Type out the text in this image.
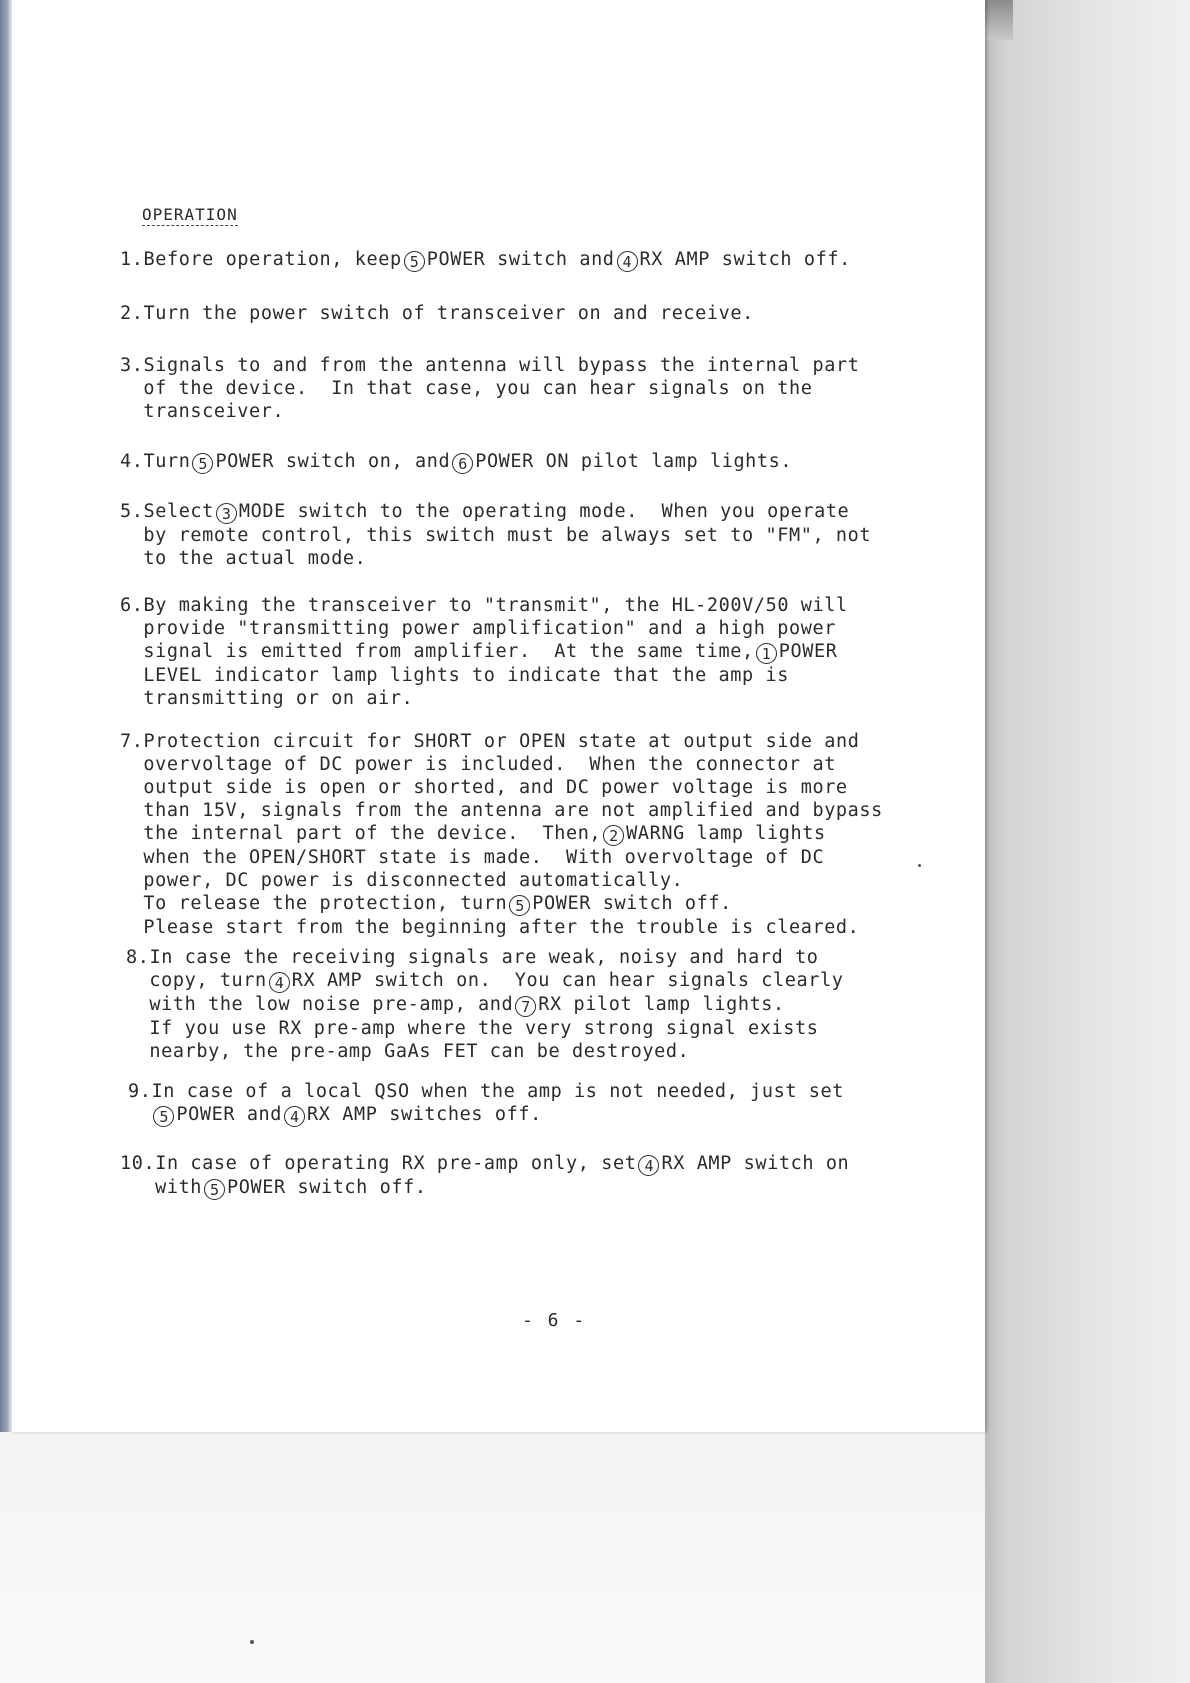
OPERATION
1.Before operation, keep 5 POWER switch and 4 RX AMP switch off.
2.Turn the power switch of transceiver on and receive.
3.Signals to and from the antenna will bypass the internal part
of the device.  In that case, you can hear signals on the
transceiver.
4.Turn 5 POWER switch on, and 6 POWER ON pilot lamp lights.
5.Select 3 MODE switch to the operating mode.  When you operate
by remote control, this switch must be always set to "FM", not
to the actual mode.
6.By making the transceiver to "transmit", the HL-200V/50 will
provide "transmitting power amplification" and a high power
signal is emitted from amplifier.  At the same time, 1 POWER
LEVEL indicator lamp lights to indicate that the amp is
transmitting or on air.
7.Protection circuit for SHORT or OPEN state at output side and
overvoltage of DC power is included.  When the connector at
output side is open or shorted, and DC power voltage is more
than 15V, signals from the antenna are not amplified and bypass
the internal part of the device.  Then, 2 WARNG lamp lights
when the OPEN/SHORT state is made.  With overvoltage of DC
power, DC power is disconnected automatically.
To release the protection, turn 5 POWER switch off.
Please start from the beginning after the trouble is cleared.
8.In case the receiving signals are weak, noisy and hard to
copy, turn 4 RX AMP switch on.  You can hear signals clearly
with the low noise pre-amp, and 7 RX pilot lamp lights.
If you use RX pre-amp where the very strong signal exists
nearby, the pre-amp GaAs FET can be destroyed.
9.In case of a local QSO when the amp is not needed, just set
5 POWER and 4 RX AMP switches off.
10.In case of operating RX pre-amp only, set 4 RX AMP switch on
with 5 POWER switch off.
- 6 -
